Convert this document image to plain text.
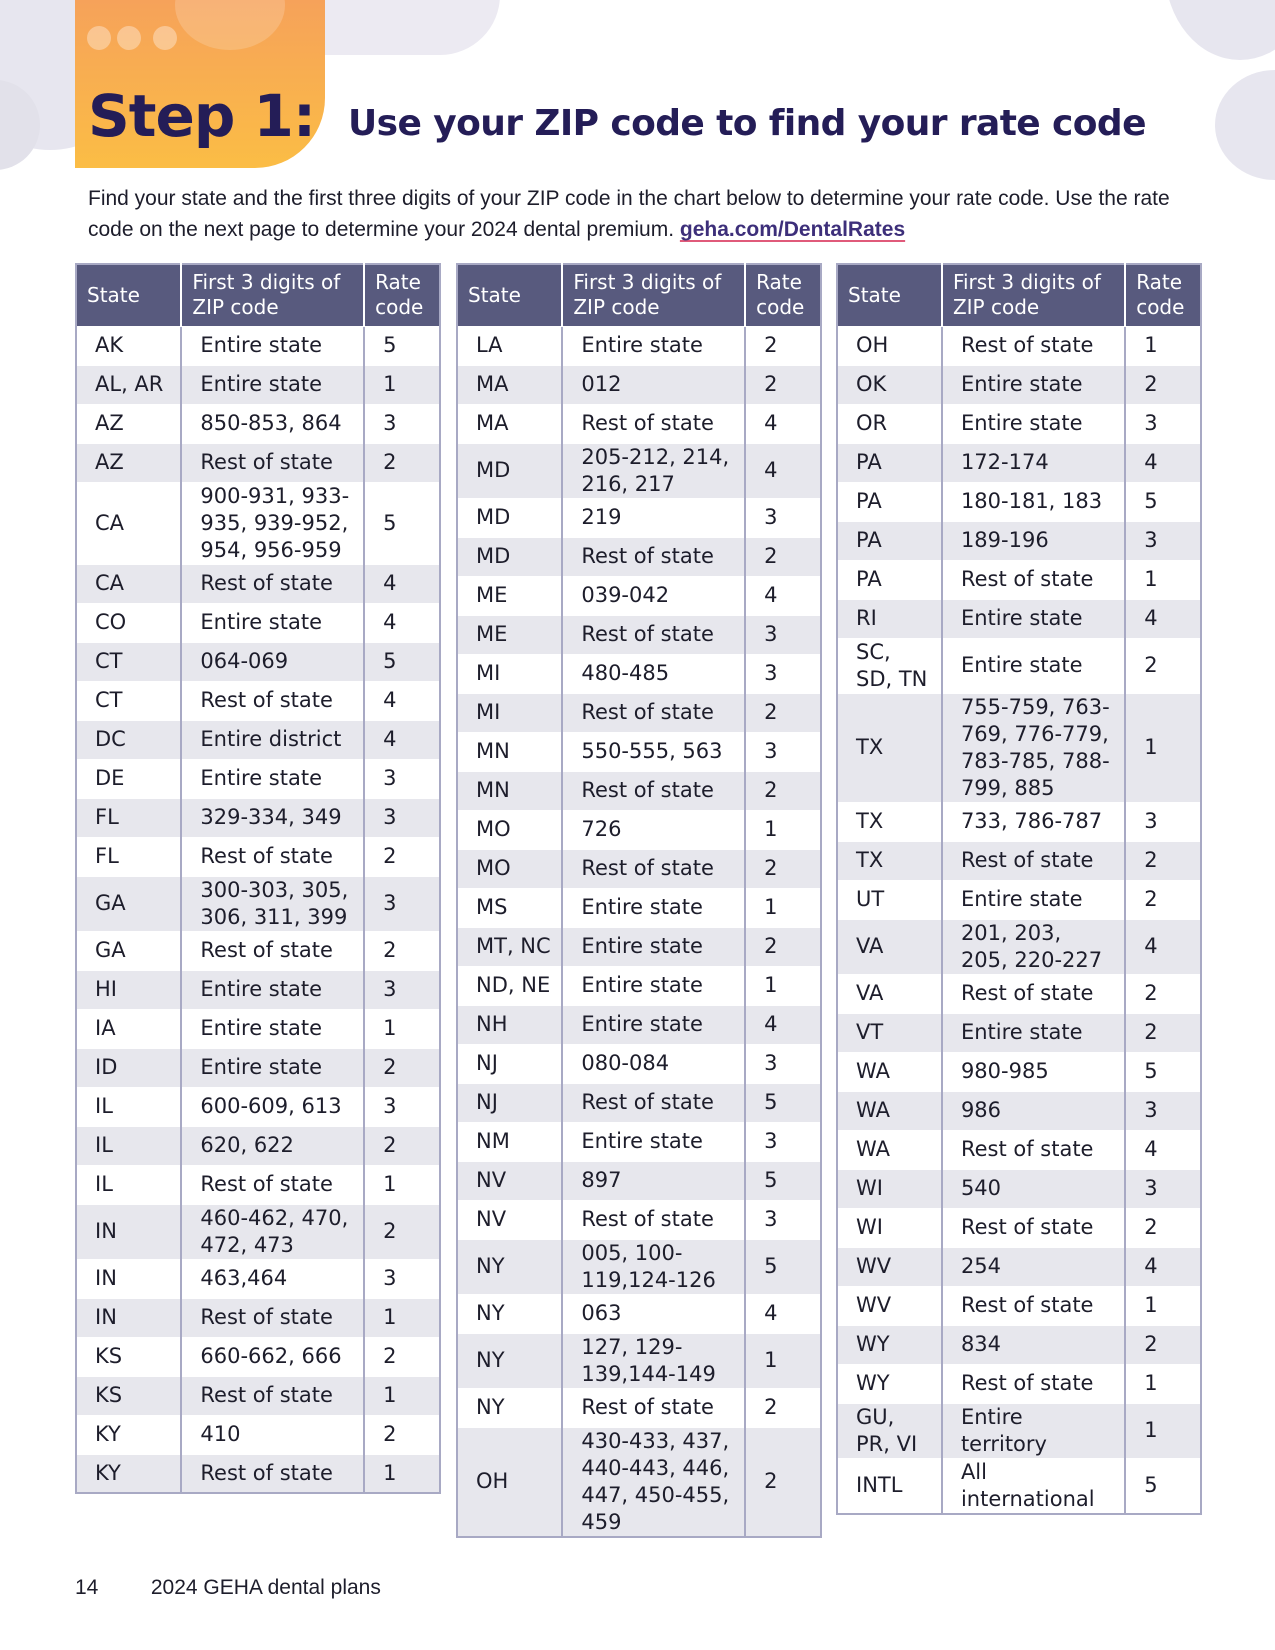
Step 1: Use your ZIP code to find your rate code

Find your state and the first three digits of your ZIP code in the chart below to determine your rate code. Use the rate code on the next page to determine your 2024 dental premium. geha.com/DentalRates

State	First 3 digits of ZIP code	Rate code
AK	Entire state	5
AL, AR	Entire state	1
AZ	850-853, 864	3
AZ	Rest of state	2
CA	900-931, 933-935, 939-952, 954, 956-959	5
CA	Rest of state	4
CO	Entire state	4
CT	064-069	5
CT	Rest of state	4
DC	Entire district	4
DE	Entire state	3
FL	329-334, 349	3
FL	Rest of state	2
GA	300-303, 305, 306, 311, 399	3
GA	Rest of state	2
HI	Entire state	3
IA	Entire state	1
ID	Entire state	2
IL	600-609, 613	3
IL	620, 622	2
IL	Rest of state	1
IN	460-462, 470, 472, 473	2
IN	463,464	3
IN	Rest of state	1
KS	660-662, 666	2
KS	Rest of state	1
KY	410	2
KY	Rest of state	1
State	First 3 digits of ZIP code	Rate code
LA	Entire state	2
MA	012	2
MA	Rest of state	4
MD	205-212, 214, 216, 217	4
MD	219	3
MD	Rest of state	2
ME	039-042	4
ME	Rest of state	3
MI	480-485	3
MI	Rest of state	2
MN	550-555, 563	3
MN	Rest of state	2
MO	726	1
MO	Rest of state	2
MS	Entire state	1
MT, NC	Entire state	2
ND, NE	Entire state	1
NH	Entire state	4
NJ	080-084	3
NJ	Rest of state	5
NM	Entire state	3
NV	897	5
NV	Rest of state	3
NY	005, 100-119,124-126	5
NY	063	4
NY	127, 129-139,144-149	1
NY	Rest of state	2
OH	430-433, 437, 440-443, 446, 447, 450-455, 459	2
State	First 3 digits of ZIP code	Rate code
OH	Rest of state	1
OK	Entire state	2
OR	Entire state	3
PA	172-174	4
PA	180-181, 183	5
PA	189-196	3
PA	Rest of state	1
RI	Entire state	4
SC, SD, TN	Entire state	2
TX	755-759, 763-769, 776-779, 783-785, 788-799, 885	1
TX	733, 786-787	3
TX	Rest of state	2
UT	Entire state	2
VA	201, 203, 205, 220-227	4
VA	Rest of state	2
VT	Entire state	2
WA	980-985	5
WA	986	3
WA	Rest of state	4
WI	540	3
WI	Rest of state	2
WV	254	4
WV	Rest of state	1
WY	834	2
WY	Rest of state	1
GU, PR, VI	Entire territory	1
INTL	All international	5
14 2024 GEHA dental plans
